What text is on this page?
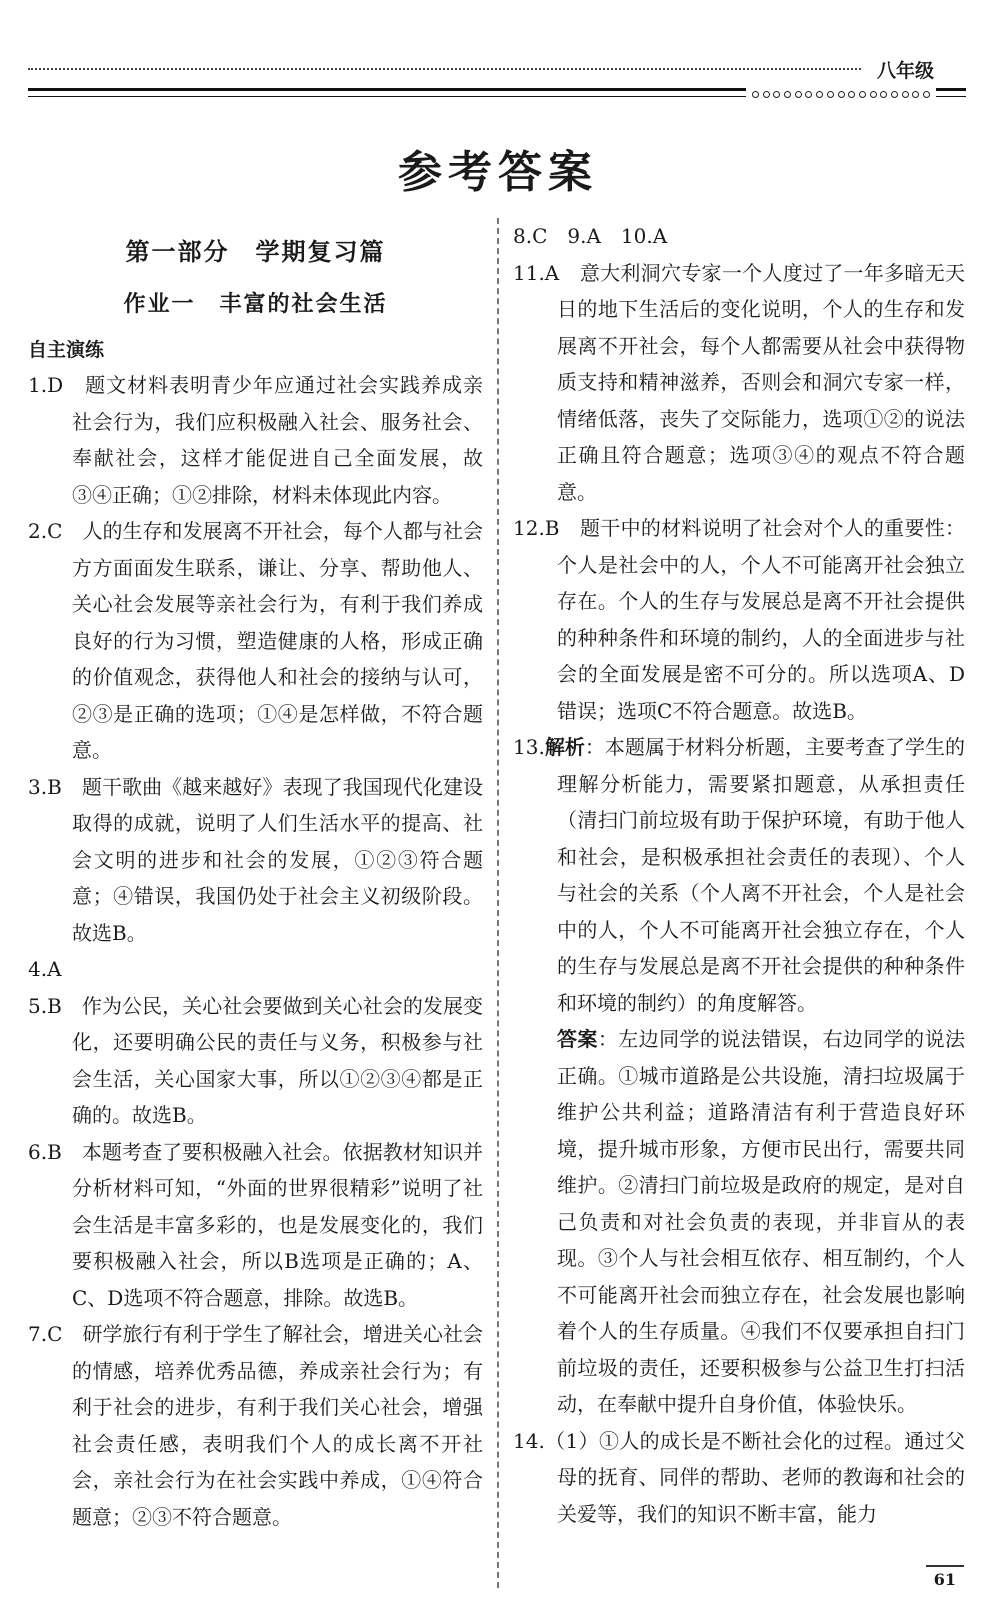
八年级
参考答案
第一部分　学期复习篇
作业一　丰富的社会生活
自主演练
1.D　题文材料表明青少年应通过社会实践养成亲社会行为，我们应积极融入社会、服务社会、奉献社会，这样才能促进自己全面发展，故③④正确；①②排除，材料未体现此内容。
2.C　人的生存和发展离不开社会，每个人都与社会方方面面发生联系，谦让、分享、帮助他人、关心社会发展等亲社会行为，有利于我们养成良好的行为习惯，塑造健康的人格，形成正确的价值观念，获得他人和社会的接纳与认可，②③是正确的选项；①④是怎样做，不符合题意。
3.B　题干歌曲《越来越好》表现了我国现代化建设取得的成就，说明了人们生活水平的提高、社会文明的进步和社会的发展，①②③符合题意；④错误，我国仍处于社会主义初级阶段。故选B。
4.A
5.B　作为公民，关心社会要做到关心社会的发展变化，还要明确公民的责任与义务，积极参与社会生活，关心国家大事，所以①②③④都是正确的。故选B。
6.B　本题考查了要积极融入社会。依据教材知识并分析材料可知，“外面的世界很精彩”说明了社会生活是丰富多彩的，也是发展变化的，我们要积极融入社会，所以B选项是正确的；A、C、D选项不符合题意，排除。故选B。
7.C　研学旅行有利于学生了解社会，增进关心社会的情感，培养优秀品德，养成亲社会行为；有利于社会的进步，有利于我们关心社会，增强社会责任感，表明我们个人的成长离不开社会，亲社会行为在社会实践中养成，①④符合题意；②③不符合题意。
8.C　9.A　10.A
11.A　意大利洞穴专家一个人度过了一年多暗无天日的地下生活后的变化说明，个人的生存和发展离不开社会，每个人都需要从社会中获得物质支持和精神滋养，否则会和洞穴专家一样，情绪低落，丧失了交际能力，选项①②的说法正确且符合题意；选项③④的观点不符合题意。
12.B　题干中的材料说明了社会对个人的重要性：个人是社会中的人，个人不可能离开社会独立存在。个人的生存与发展总是离不开社会提供的种种条件和环境的制约，人的全面进步与社会的全面发展是密不可分的。所以选项A、D错误；选项C不符合题意。故选B。
13.解析：本题属于材料分析题，主要考查了学生的理解分析能力，需要紧扣题意，从承担责任（清扫门前垃圾有助于保护环境，有助于他人和社会，是积极承担社会责任的表现）、个人与社会的关系（个人离不开社会，个人是社会中的人，个人不可能离开社会独立存在，个人的生存与发展总是离不开社会提供的种种条件和环境的制约）的角度解答。
答案：左边同学的说法错误，右边同学的说法正确。①城市道路是公共设施，清扫垃圾属于维护公共利益；道路清洁有利于营造良好环境，提升城市形象，方便市民出行，需要共同维护。②清扫门前垃圾是政府的规定，是对自己负责和对社会负责的表现，并非盲从的表现。③个人与社会相互依存、相互制约，个人不可能离开社会而独立存在，社会发展也影响着个人的生存质量。④我们不仅要承担自扫门前垃圾的责任，还要积极参与公益卫生打扫活动，在奉献中提升自身价值，体验快乐。
14.（1）①人的成长是不断社会化的过程。通过父母的抚育、同伴的帮助、老师的教诲和社会的关爱等，我们的知识不断丰富，能力
61
